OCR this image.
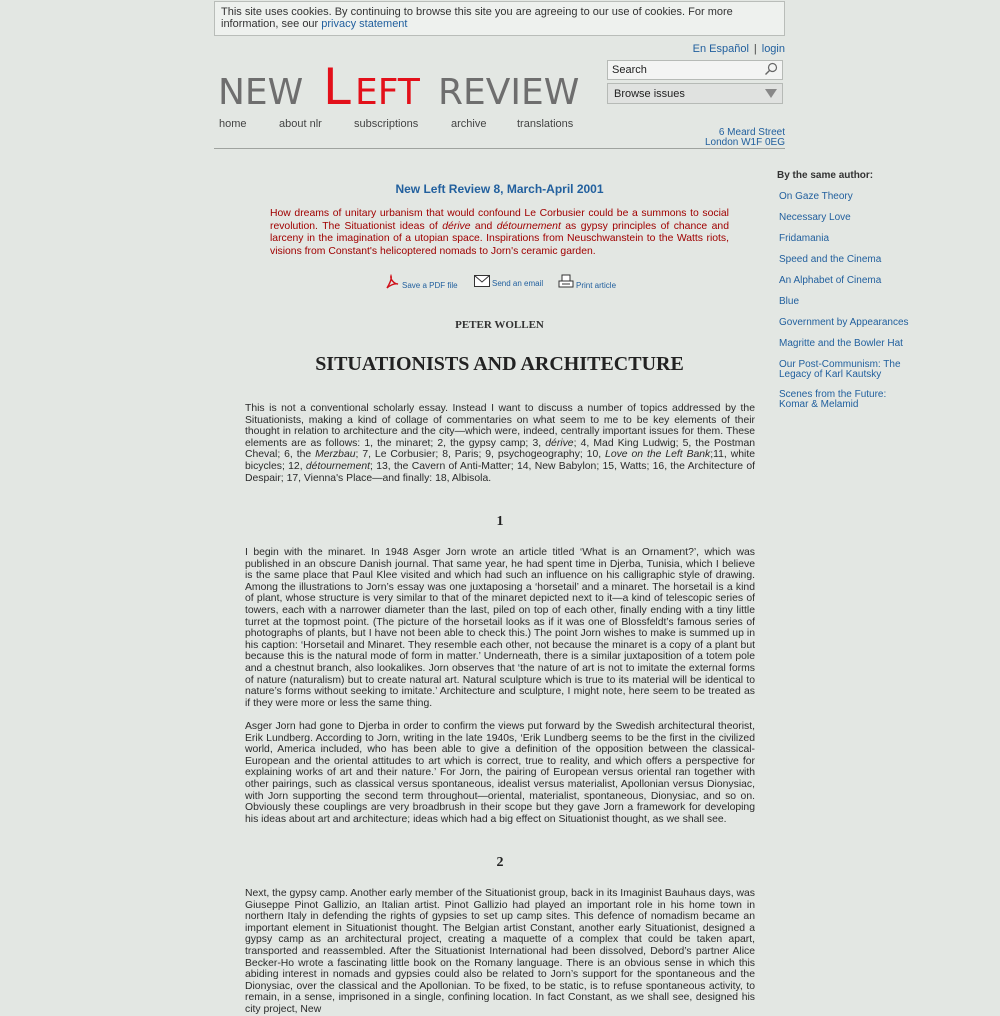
This site uses cookies. By continuing to browse this site you are agreeing to our use of cookies. For more information, see our privacy statement
En Español | login
NEW L EFT REVIEW
Search
Browse issues
home	about nlr	subscriptions	archive	translations
6 Meard Street
London W1F 0EG
New Left Review 8, March-April 2001
How dreams of unitary urbanism that would confound Le Corbusier could be a summons to social revolution. The Situationist ideas of dérive and détournement as gypsy principles of chance and larceny in the imagination of a utopian space. Inspirations from Neuschwanstein to the Watts riots, visions from Constant's helicoptered nomads to Jorn's ceramic garden.
Save a PDF file	Send an email	Print article
PETER WOLLEN
SITUATIONISTS AND ARCHITECTURE
This is not a conventional scholarly essay. Instead I want to discuss a number of topics addressed by the Situationists, making a kind of collage of commentaries on what seem to me to be key elements of their thought in relation to architecture and the city—which were, indeed, centrally important issues for them. These elements are as follows: 1, the minaret; 2, the gypsy camp; 3, dérive; 4, Mad King Ludwig; 5, the Postman Cheval; 6, the Merzbau; 7, Le Corbusier; 8, Paris; 9, psychogeography; 10, Love on the Left Bank;11, white bicycles; 12, détournement; 13, the Cavern of Anti-Matter; 14, New Babylon; 15, Watts; 16, the Architecture of Despair; 17, Vienna's Place—and finally: 18, Albisola.
1
I begin with the minaret. In 1948 Asger Jorn wrote an article titled ‘What is an Ornament?’, which was published in an obscure Danish journal. That same year, he had spent time in Djerba, Tunisia, which I believe is the same place that Paul Klee visited and which had such an influence on his calligraphic style of drawing. Among the illustrations to Jorn’s essay was one juxtaposing a ‘horsetail’ and a minaret. The horsetail is a kind of plant, whose structure is very similar to that of the minaret depicted next to it—a kind of telescopic series of towers, each with a narrower diameter than the last, piled on top of each other, finally ending with a tiny little turret at the topmost point. (The picture of the horsetail looks as if it was one of Blossfeldt’s famous series of photographs of plants, but I have not been able to check this.) The point Jorn wishes to make is summed up in his caption: ‘Horsetail and Minaret. They resemble each other, not because the minaret is a copy of a plant but because this is the natural mode of form in matter.’ Underneath, there is a similar juxtaposition of a totem pole and a chestnut branch, also lookalikes. Jorn observes that ‘the nature of art is not to imitate the external forms of nature (naturalism) but to create natural art. Natural sculpture which is true to its material will be identical to nature’s forms without seeking to imitate.’ Architecture and sculpture, I might note, here seem to be treated as if they were more or less the same thing.
Asger Jorn had gone to Djerba in order to confirm the views put forward by the Swedish architectural theorist, Erik Lundberg. According to Jorn, writing in the late 1940s, ‘Erik Lundberg seems to be the first in the civilized world, America included, who has been able to give a definition of the opposition between the classical-European and the oriental attitudes to art which is correct, true to reality, and which offers a perspective for explaining works of art and their nature.’ For Jorn, the pairing of European versus oriental ran together with other pairings, such as classical versus spontaneous, idealist versus materialist, Apollonian versus Dionysiac, with Jorn supporting the second term throughout—oriental, materialist, spontaneous, Dionysiac, and so on. Obviously these couplings are very broadbrush in their scope but they gave Jorn a framework for developing his ideas about art and architecture; ideas which had a big effect on Situationist thought, as we shall see.
2
Next, the gypsy camp. Another early member of the Situationist group, back in its Imaginist Bauhaus days, was Giuseppe Pinot Gallizio, an Italian artist. Pinot Gallizio had played an important role in his home town in northern Italy in defending the rights of gypsies to set up camp sites. This defence of nomadism became an important element in Situationist thought. The Belgian artist Constant, another early Situationist, designed a gypsy camp as an architectural project, creating a maquette of a complex that could be taken apart, transported and reassembled. After the Situationist International had been dissolved, Debord’s partner Alice Becker-Ho wrote a fascinating little book on the Romany language. There is an obvious sense in which this abiding interest in nomads and gypsies could also be related to Jorn’s support for the spontaneous and the Dionysiac, over the classical and the Apollonian. To be fixed, to be static, is to refuse spontaneous activity, to remain, in a sense, imprisoned in a single, confining location. In fact Constant, as we shall see, designed his city project, New
By the same author:
On Gaze Theory
Necessary Love
Fridamania
Speed and the Cinema
An Alphabet of Cinema
Blue
Government by Appearances
Magritte and the Bowler Hat
Our Post-Communism: The Legacy of Karl Kautsky
Scenes from the Future: Komar & Melamid
